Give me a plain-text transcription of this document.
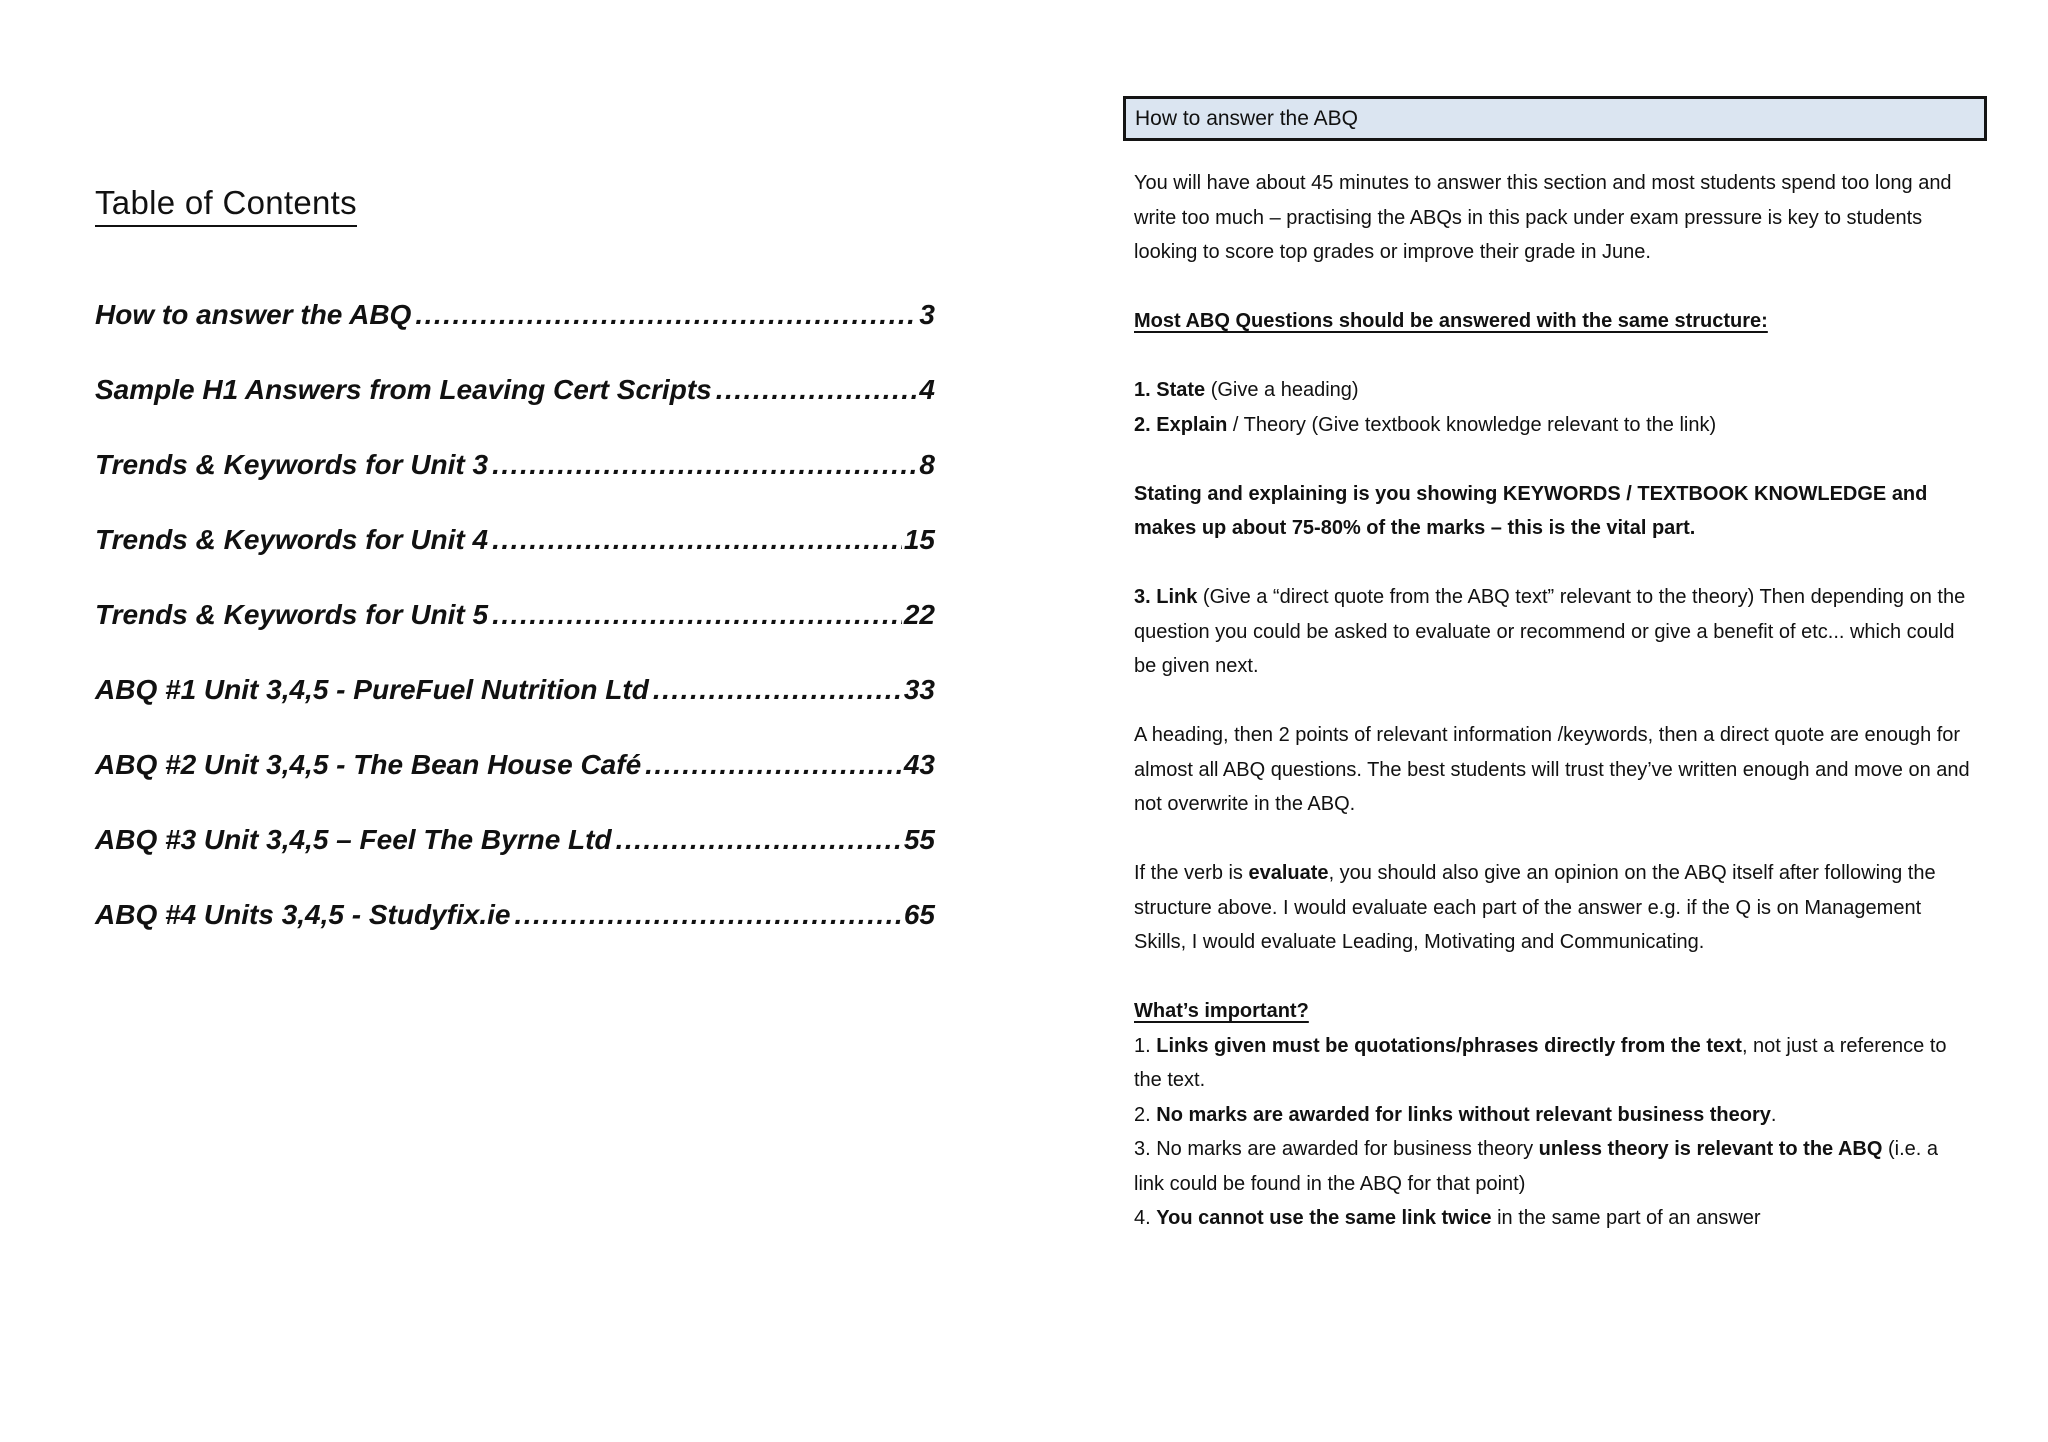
Table of Contents
How to answer the ABQ .....	3
Sample H1 Answers from Leaving Cert Scripts .....	4
Trends & Keywords for Unit 3 .....	8
Trends & Keywords for Unit 4 .....	15
Trends & Keywords for Unit 5 .....	22
ABQ #1 Unit 3,4,5 - PureFuel Nutrition Ltd .....	33
ABQ #2 Unit 3,4,5 - The Bean House Café .....	43
ABQ #3 Unit 3,4,5 – Feel The Byrne Ltd .....	55
ABQ #4 Units 3,4,5 - Studyfix.ie .....	65
How to answer the ABQ

You will have about 45 minutes to answer this section and most students spend too long and write too much – practising the ABQs in this pack under exam pressure is key to students looking to score top grades or improve their grade in June.

Most ABQ Questions should be answered with the same structure:

1. State (Give a heading)
2. Explain / Theory (Give textbook knowledge relevant to the link)

Stating and explaining is you showing KEYWORDS / TEXTBOOK KNOWLEDGE and makes up about 75-80% of the marks – this is the vital part.

3. Link (Give a “direct quote from the ABQ text” relevant to the theory) Then depending on the question you could be asked to evaluate or recommend or give a benefit of etc... which could be given next.

A heading, then 2 points of relevant information /keywords, then a direct quote are enough for almost all ABQ questions. The best students will trust they’ve written enough and move on and not overwrite in the ABQ.

If the verb is evaluate, you should also give an opinion on the ABQ itself after following the structure above. I would evaluate each part of the answer e.g. if the Q is on Management Skills, I would evaluate Leading, Motivating and Communicating.

What’s important?
1. Links given must be quotations/phrases directly from the text, not just a reference to the text.
2. No marks are awarded for links without relevant business theory.
3. No marks are awarded for business theory unless theory is relevant to the ABQ (i.e. a link could be found in the ABQ for that point)
4. You cannot use the same link twice in the same part of an answer
